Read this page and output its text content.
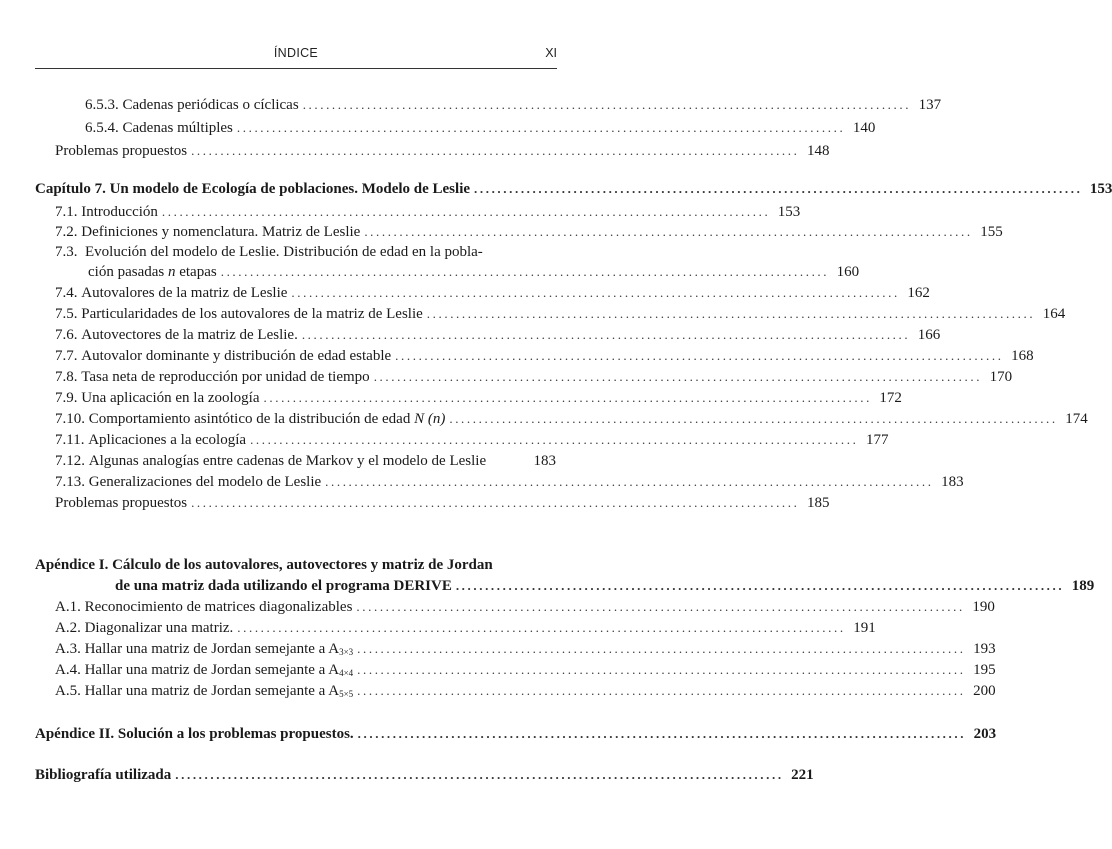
ÍNDICE	XI
6.5.3.
Cadenas periódicas o cíclicas ........................................................................................................ 137
6.5.4.
Cadenas múltiples ........................................................................................................ 140
Problemas propuestos ........................................................................................................ 148
Capítulo 7. Un modelo de Ecología de poblaciones. Modelo de Leslie ........................................................................................................ 153
7.1.
Introducción ........................................................................................................ 153
7.2.
Definiciones y nomenclatura. Matriz de Leslie ........................................................................................................ 155
7.3. Evolución del modelo de Leslie. Distribución de edad en la pobla-
ción pasadas n etapas ........................................................................................................ 160
7.4.
Autovalores de la matriz de Leslie ........................................................................................................ 162
7.5.
Particularidades de los autovalores de la matriz de Leslie ........................................................................................................ 164
7.6.
Autovectores de la matriz de Leslie. ........................................................................................................ 166
7.7.
Autovalor dominante y distribución de edad estable ........................................................................................................ 168
7.8.
Tasa neta de reproducción por unidad de tiempo ........................................................................................................ 170
7.9.
Una aplicación en la zoología ........................................................................................................ 172
7.10.
Comportamiento asintótico de la distribución de edad N (n) ........................................................................................................ 174
7.11.
Aplicaciones a la ecología ........................................................................................................ 177
7.12.
Algunas analogías entre cadenas de Markov y el modelo de Leslie	183
7.13.
Generalizaciones del modelo de Leslie ........................................................................................................ 183
Problemas propuestos ........................................................................................................ 185
Apéndice I. Cálculo de los autovalores, autovectores y matriz de Jordan
de una matriz dada utilizando el programa DERIVE ........................................................................................................ 189
A.1.
Reconocimiento de matrices diagonalizables ........................................................................................................ 190
A.2.
Diagonalizar una matriz. ........................................................................................................ 191
A.3.
Hallar una matriz de Jordan semejante a $A_{3\times 3}$ ........................................................................................................ 193
A.4.
Hallar una matriz de Jordan semejante a $A_{4\times 4}$ ........................................................................................................ 195
A.5.
Hallar una matriz de Jordan semejante a $A_{5\times 5}$ ........................................................................................................ 200
Apéndice II. Solución a los problemas propuestos. ........................................................................................................ 203
Bibliografía utilizada ........................................................................................................ 221
